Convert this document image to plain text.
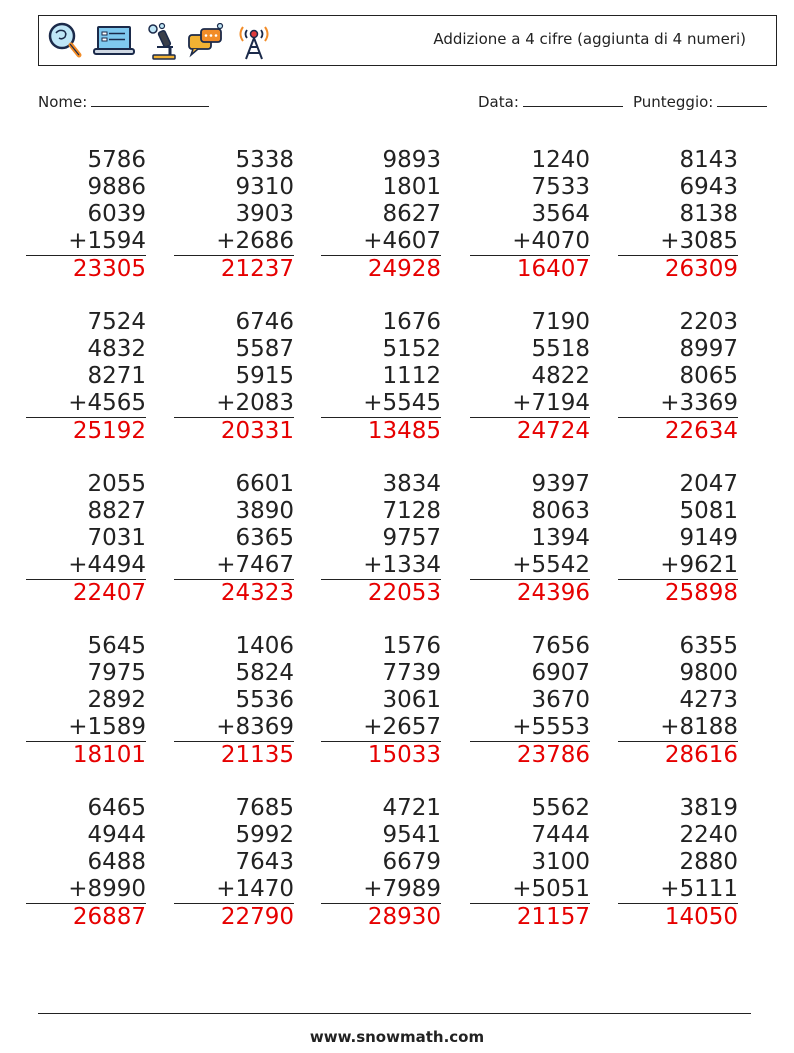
Addizione a 4 cifre (aggiunta di 4 numeri)
Nome:	Data:	Punteggio:
5786
9886
6039
+1594
23305
5338
9310
3903
+2686
21237
9893
1801
8627
+4607
24928
1240
7533
3564
+4070
16407
8143
6943
8138
+3085
26309
7524
4832
8271
+4565
25192
6746
5587
5915
+2083
20331
1676
5152
1112
+5545
13485
7190
5518
4822
+7194
24724
2203
8997
8065
+3369
22634
2055
8827
7031
+4494
22407
6601
3890
6365
+7467
24323
3834
7128
9757
+1334
22053
9397
8063
1394
+5542
24396
2047
5081
9149
+9621
25898
5645
7975
2892
+1589
18101
1406
5824
5536
+8369
21135
1576
7739
3061
+2657
15033
7656
6907
3670
+5553
23786
6355
9800
4273
+8188
28616
6465
4944
6488
+8990
26887
7685
5992
7643
+1470
22790
4721
9541
6679
+7989
28930
5562
7444
3100
+5051
21157
3819
2240
2880
+5111
14050
www.snowmath.com
